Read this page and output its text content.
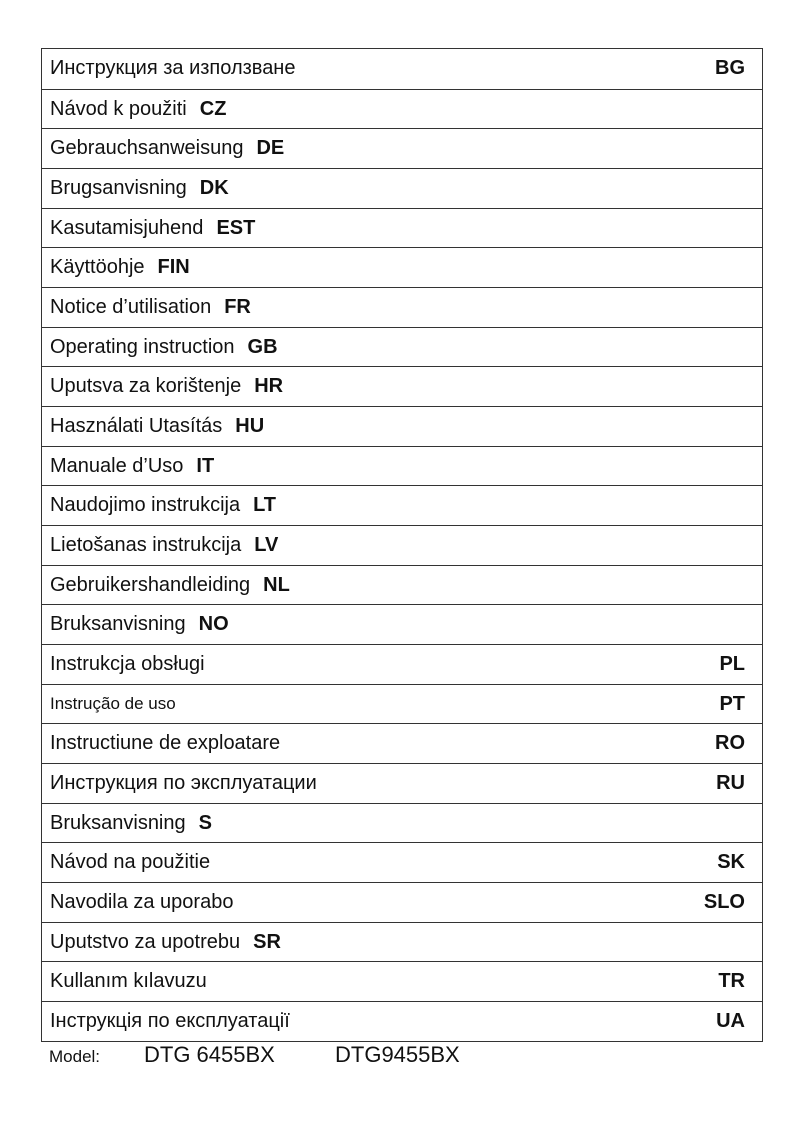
Инструкция за използване	BG
Návod k použiti CZ
Gebrauchsanweisung DE
Brugsanvisning DK
Kasutamisjuhend EST
Käyttöohje FIN
Notice d’utilisation FR
Operating instruction GB
Uputsva za korištenje HR
Használati Utasítás HU
Manuale d’Uso IT
Naudojimo instrukcija LT
Lietošanas instrukcija LV
Gebruikershandleiding NL
Bruksanvisning NO
Instrukcja obsługi	PL
Instrução de uso	PT
Instructiune de exploatare	RO
Инструкция по эксплуатации	RU
Bruksanvisning S
Návod na použitie	SK
Navodila za uporabo	SLO
Uputstvo za upotrebu SR
Kullanım kılavuzu	TR
Інструкція по експлуатації	UA
Model:	DTG 6455BX	DTG9455BX
